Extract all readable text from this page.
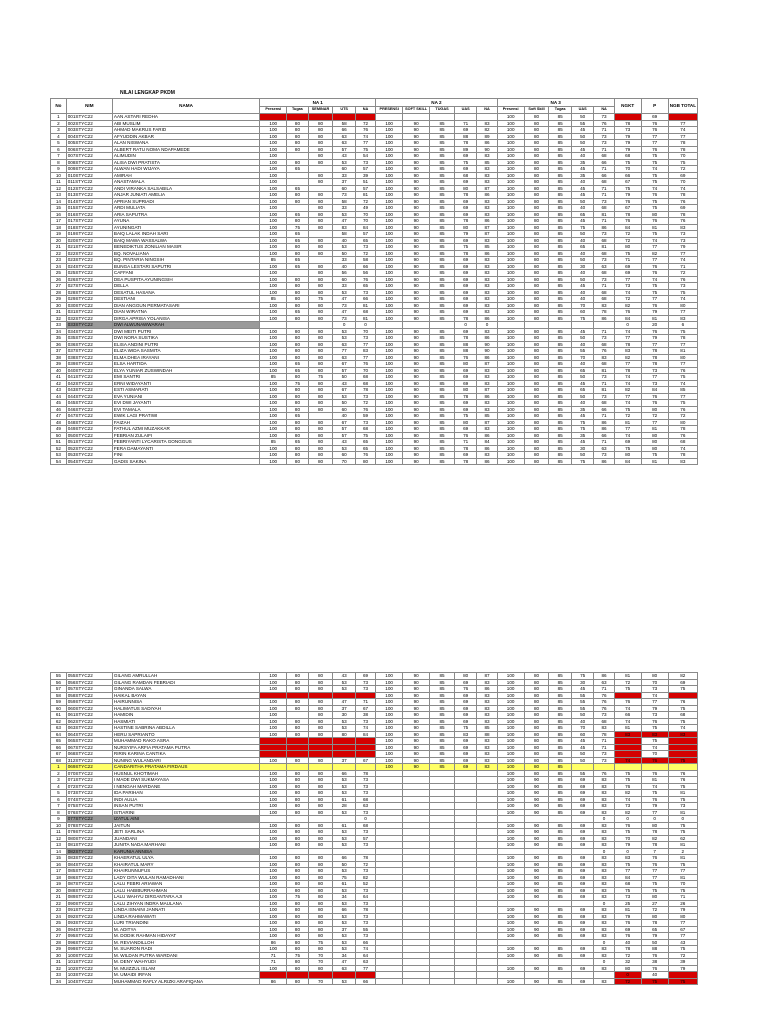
NILAI LENGKAP PKDM
No	NIM	NAMA	NA 1					NA 2					NA 3					NGKT	P	NGB TOTAL
			Presensi	Tugas	SEMINAR	UTS	NA	PRESENSI	SOFT SKILL	TUGAS	UAS	NA	Presensi	Soft Skill	Tugas	UAS	NA			
1	001STYC22	AAN ASTARI REDHA											100	80	85	50	73		69	
2	002STYC22	ABI MUSLIM	100	80	80	58	72	100	90	85	71	83	100	80	85	55	76	78	76	77
3	003STYC22	AHMAD MAKRUS FARID	100	80	80	66	76	100	90	85	69	82	100	80	85	45	71	73	76	74
4	004STYC22	AFYUDDIN AKBAR	100	80	80	63	74	100	90	85	88	89	100	80	85	50	73	79	77	77
5	005STYC22	ALAN NISWANA	100	80	80	63	77	100	90	85	78	86	100	80	85	50	73	79	77	78
6	006STYC22	ALBERT RATU NOMA NDAPAMEDE	100	80	80	57	75	100	90	85	89	90	100	80	85	45	71	79	76	78
7	007STYC22	ALIMUDIN	100		80	43	54	100	90	85	69	83	100	80	85	40	68	68	75	70
8	008STYC22	ALISA DWI PRATISTA	100	80	80	53	73	100	90	85	75	85	100	80	85	35	66	75	75	75
9	009STYC22	ALWAN HADI WIJAYA	100	65		60	57	100	90	85	69	83	100	80	85	45	71	70	74	72
10	010STYC22	AMIRAH	100		80	33	39	100	90	85	68	83	100	80	85	35	66	66	75	69
11	011STYC22	ANASTAMALA	100		80	37	51	100	90	85	69	83	100	80	85	40	68	67	75	70
12	012STYC22	ANDI VIRANKA SALSABILA	100	65		60	57	100	90	85	80	87	100	80	85	45	71	75	74	74
13	013STYC22	ANJAR JUNIATI AMELIA	100	80	80	73	81	100	90	85	78	86	100	80	85	45	71	79	76	78
14	014STYC22	APRIAN SUPRIADI	100	80	80	58	72	100	90	85	69	83	100	80	85	50	73	76	75	76
15	015STYC22	ARDI MULIATA	100		80	33	49	100	90	85	69	83	100	80	85	40	68	67	75	69
16	016STYC22	ARIA SAPUTRA	100	65	80	53	70	100	90	85	69	83	100	80	85	65	81	78	80	78
17	017STYC22	AYUNA	100	80	80	47	70	100	90	85	78	86	100	80	85	45	71	76	76	76
18	018STYC22	AYUNINGATI	100	75	80	83	84	100	90	85	80	87	100	80	85	75	86	84	81	83
19	019STYC22	BAIQ LALAK INDAH SARI	100	65		58	57	100	90	85	79	87	100	80	85	50	73	72	75	73
20	020STYC22	BAIQ MAWA WASSALWA	100	65	80	40	65	100	90	85	69	83	100	80	85	40	68	72	74	73
21	021STYC22	BENEDIKTUS ZONILIAN MASIR	100	80	80	53	73	100	90	85	75	85	100	80	85	65	81	80	77	79
22	022STYC22	BQ. NOVALIANA	100	80	80	50	72	100	90	85	78	86	100	80	85	40	68	75	82	77
23	023STYC22	BQ. PINTARIA NINGSIH	85	65		33	58	100	90	85	69	83	100	80	85	50	73	71	77	74
24	024STYC22	BUNGA LESTARI SAPUTRI	100	65	80	40	66	100	90	85	69	83	100	80	85	30	63	69	76	71
25	025STYC22	CAFFANI	100		80	56	56	100	90	85	69	83	100	80	85	40	68	69	76	72
26	026STYC22	DEA PUSPITA AYUNINGSIH	100	80	80	60	76	100	90	85	69	83	100	80	85	50	73	77	74	76
27	027STYC22	DELLA	100	80	80	33	65	100	90	85	69	83	100	80	85	45	71	73	75	73
28	028STYC22	DESATUL HASANA	100	80	80	53	73	100	90	85	69	83	100	80	85	40	68	74	75	75
29	029STYC22	DESTIANI	85	80	75	47	66	100	90	85	69	83	100	80	85	40	68	72	77	74
30	030STYC22	DIAN ANGGUN PERMATASARI	100	80	80	73	81	100	90	85	69	83	100	80	85	70	83	82	76	80
31	031STYC22	DIAN WIRATNA	100	65	80	47	68	100	90	85	69	83	100	80	85	60	78	76	79	77
32	032STYC22	DIRGA APRISA YOLANISA	100	80	80	73	81	100	90	85	78	86	100	80	85	75	86	84	81	83
33	033STYC22	DWI ALWUNAWWARAH				0	0				0	0						0	20	6
34	034STYC22	DWI MEITI PUTRI	100	80	80	53	70	100	90	85	69	83	100	80	85	45	71	74	76	75
35	035STYC22	DWI NORA SUSTIKA	100	80	80	53	73	100	90	85	78	86	100	80	85	50	73	77	79	78
36	036STYC22	ELISA ANDINI PUTRI	100	80	80	63	77	100	90	85	88	90	100	80	85	40	68	78	77	77
37	037STYC22	ELIZA WIDA SASMITA	100	80	80	77	83	100	90	85	88	90	100	80	85	55	76	83	78	81
38	038STYC22	ELMA DHEA IRAYANI	100	80	80	63	77	100	90	85	76	86	100	80	85	70	83	82	78	80
39	039STYC22	ELSA HARTIDA	100	65	80	67	76	100	90	85	80	87	100	80	85	40	68	77	78	77
40	040STYC22	ELYA YUNIAR ZUSWINDAH	100	65	80	57	70	100	90	85	69	83	100	80	85	65	81	78	73	76
41	041STYC22	EMI SANTRI	85	80	75	50	68	100	90	85	69	83	100	80	85	50	73	74	77	75
42	042STYC22	ERNI WIDAYANTI	100	75	80	43	68	100	90	85	69	83	100	80	85	45	71	74	73	74
43	043STYC22	ESTI ASMARATI	100	80	80	67	78	100	90	85	80	87	100	80	85	65	81	82	84	85
44	044STYC22	EVA YUNIANI	100	80	80	53	73	100	90	85	78	86	100	80	85	50	73	77	76	77
45	045STYC22	EVI DWI JAYANTI	100	80	80	50	72	100	90	85	69	83	100	80	85	40	68	74	76	75
46	046STYC22	EVI TAMALA	100	80	80	60	76	100	90	85	69	83	100	80	85	35	66	75	80	76
47	047STYC22	EWIK LAGI PRATIWI	100	65		40	59	100	90	85	75	85	100	80	85	45	71	72	72	72
48	048STYC22	FAIZAH	100	80	80	67	73	100	90	85	80	87	100	80	85	75	86	81	77	80
49	049STYC22	FATHUL AZMI MUZAKKAR	100	80	80	57	68	100	90	85	69	83	100	80	85	75	86	77	81	78
50	050STYC22	FEBRIAN ZULAIFI	100	80	80	57	75	100	90	85	76	86	100	80	85	35	66	74	80	76
51	051STYC22	FEBRIYANTI LYCARISTA GONGGUS	85	65	80	43	65	100	90	85	71	84	100	80	85	45	71	69	80	68
52	052STYC22	FERA DAMAYANTI	100	80	80	53	65	100	90	85	78	86	100	80	85	30	63	75	80	74
53	053STYC22	FINI	100	80	80	60	76	100	90	85	69	83	100	80	85	50	73	80	75	78
54	054STYC22	GADIS SAKINA	100	80	80	70	80	100	90	85	78	86	100	80	85	75	86	84	81	83
55	055STYC22	GILANG AMRULLAH	100	80	80	43	69	100	90	85	80	87	100	80	85	75	86	81	80	82
56	056STYC22	GILANG RAMDAN FEBRIADI	100	80	80	53	73	100	90	85	69	83	100	80	85	30	63	72	70	69
57	057STYC22	GINANDA SALWA	100	80	80	53	73	100	90	85	76	86	100	80	85	45	71	75	73	75
58	058STYC22	HAIKAL BAYAN						100	90	85	69	83	100	80	85	55	76		74	
59	059STYC22	HAIRUNNISA	100	80	80	47	71	100	90	85	69	83	100	80	85	55	76	76	77	76
60	060STYC22	HALIMATUS SADIYAH	100	80	80	37	67	100	90	85	69	83	100	80	85	55	76	74	79	75
61	061STYC22	HAMIDIN	100		80	30	38	100	90	85	69	83	100	80	85	50	73	66	73	68
62	062STYC22	HASMIATI	100	80	80	53	73	100	90	85	69	83	100	80	85	40	68	74	76	75
63	063STYC22	HASTINE SABRINA ABDILLA	100	80	80	53	74	100	90	85	75	85	100	80	85	70	83	81	75	74
64	064STYC22	HERU SAPRIANTO	100	80	80	80	84	100	90	85	83	88	100	80	85	60	78	83	83	83
65	065STYC22	MUHAMMAD RAKO ASRA						100	90	85	69	83	100	80	85	45	71		75	
66	067STYC22	NURSYIFA ARFIA PRATAMA PUTRA						100	90	85	69	83	100	80	85	45	71		74	
67	068STYC22	RIRIN KARINA CANTIKA						100	90	85	69	83	100	80	85	50	73		70	
68	312STYC22	NUNING WULANDARI	100	80	80	37	67	100	90	85	69	83	100	80	85	50	73	74	76	75
1	069STYC22	CANDARITHA PRATAMA FIRDAUS						100	90	85	69	83	100	80	85					
2	070STYC22	HUSNUL KHOTIMAH	100	80	80	66	78						100	80	85	55	76	75	76	76
3	071STYC22	I MADE DWI SUKMAYASA	100	80	80	53	73						100	90	85	69	83	75	81	76
4	072STYC22	I NENGAH MARDANE	100	80	80	53	73						100	90	85	69	83	76	74	75
5	073STYC22	IDA PARIHAN	100	80	80	53	73						100	90	85	69	83	82	75	81
6	074STYC22	INDI AULIA	100	80	80	61	68						100	90	85	69	83	74	76	75
7	075STYC22	INSAN PUTRI	100	80	80	28	63						100	90	85	69	83	73	79	73
8	076STYC22	ISTIARINI	100	80	80	53	73						100	90	85	69	83	82	77	81
9	077STYC22	IZATUL AINI					0										0	0	0	0
10	078STYC22	JAITUN	100	80	80	61	68						100	90	85	69	83	76	80	75
11	079STYC22	JETI SARLINA	100	80	80	53	73						100	90	85	69	83	75	78	75
12	080STYC22	JUANDANI	100	80	80	53	57						100	90	85	69	83	70	82	62
13	081STYC22	JUNITA NADA MARHANI	100	80	80	53	73						100	90	85	69	83	79	78	81
14	082STYC22	KARUNIA ANNISA															0	0	7	2
15	083STYC22	KHAERATUL ULYA	100	80	80	66	78						100	90	85	69	83	83	76	81
16	084STYC22	KHAIRATUL MARY	100	80	80	50	72						100	90	85	69	83	75	76	75
17	085STYC22	KHAIRUNNUFUS	100	80	80	53	73						100	90	85	69	83	77	77	77
18	086STYC22	LADY DITA WULAN RAMADHANI	100	80	80	75	82						100	90	85	69	83	84	77	81
19	087STYC22	LALU FEBRI ARIAWAN	100	80	80	61	52						100	90	85	69	83	68	75	70
20	088STYC22	LALU HABIBURRAHMAN	100	80	80	53	73						100	90	85	69	83	75	75	75
21	089STYC22	LALU WAHYU DIRGANTARA AJI	100	75	80	34	64						100	90	85	69	83	73	80	71
22	090STYC22	LALU ZIHYAN INDRA MAULANA	100	80	80	53	73										0	25	27	26
23	091STYC22	LINDA ISNAINI JANNATI	100	80	80	66	78						100	90	85	69	83	81	72	79
24	092STYC22	LINDA RAHMAWATI	100	80	80	53	73						100	90	85	69	83	79	80	80
25	093STYC22	LURI TRIANDINI	100	80	80	53	73						100	90	85	69	83	76	78	77
26	094STYC22	M. ADITYA	100	80	80	37	55						100	90	85	69	83	69	65	67
27	095STYC22	M. DODIK RAHMAN HIDAYAT	100	80	80	53	73						100	90	85	69	83	76	79	77
28	096STYC22	M. REVIANDILLOH	86	80	75	53	66										0	40	50	43
29	099STYC22	M. SUARON RADI	100	80	80	53	74						100	90	85	69	83	78	88	75
30	100STYC22	M. WILDAN PUTRA WARDANI	71	75	70	34	64						100	90	85	69	83	72	76	72
31	101STYC22	M. DENY WAHYUDI	71	80	70	47	63										0	32	38	39
32	102STYC22	M. MUIZZUL ISLAM	100	80	80	63	77						100	90	85	69	83	80	76	79
33	103STYC22	M. UMAIDI IRFAN																0	40	
34	104STYC22	MUHAMMAD RAFLY ALRIZKI ARAFIQANA	86	80	70	53	66						100	90	85	69	83	72	75	75
